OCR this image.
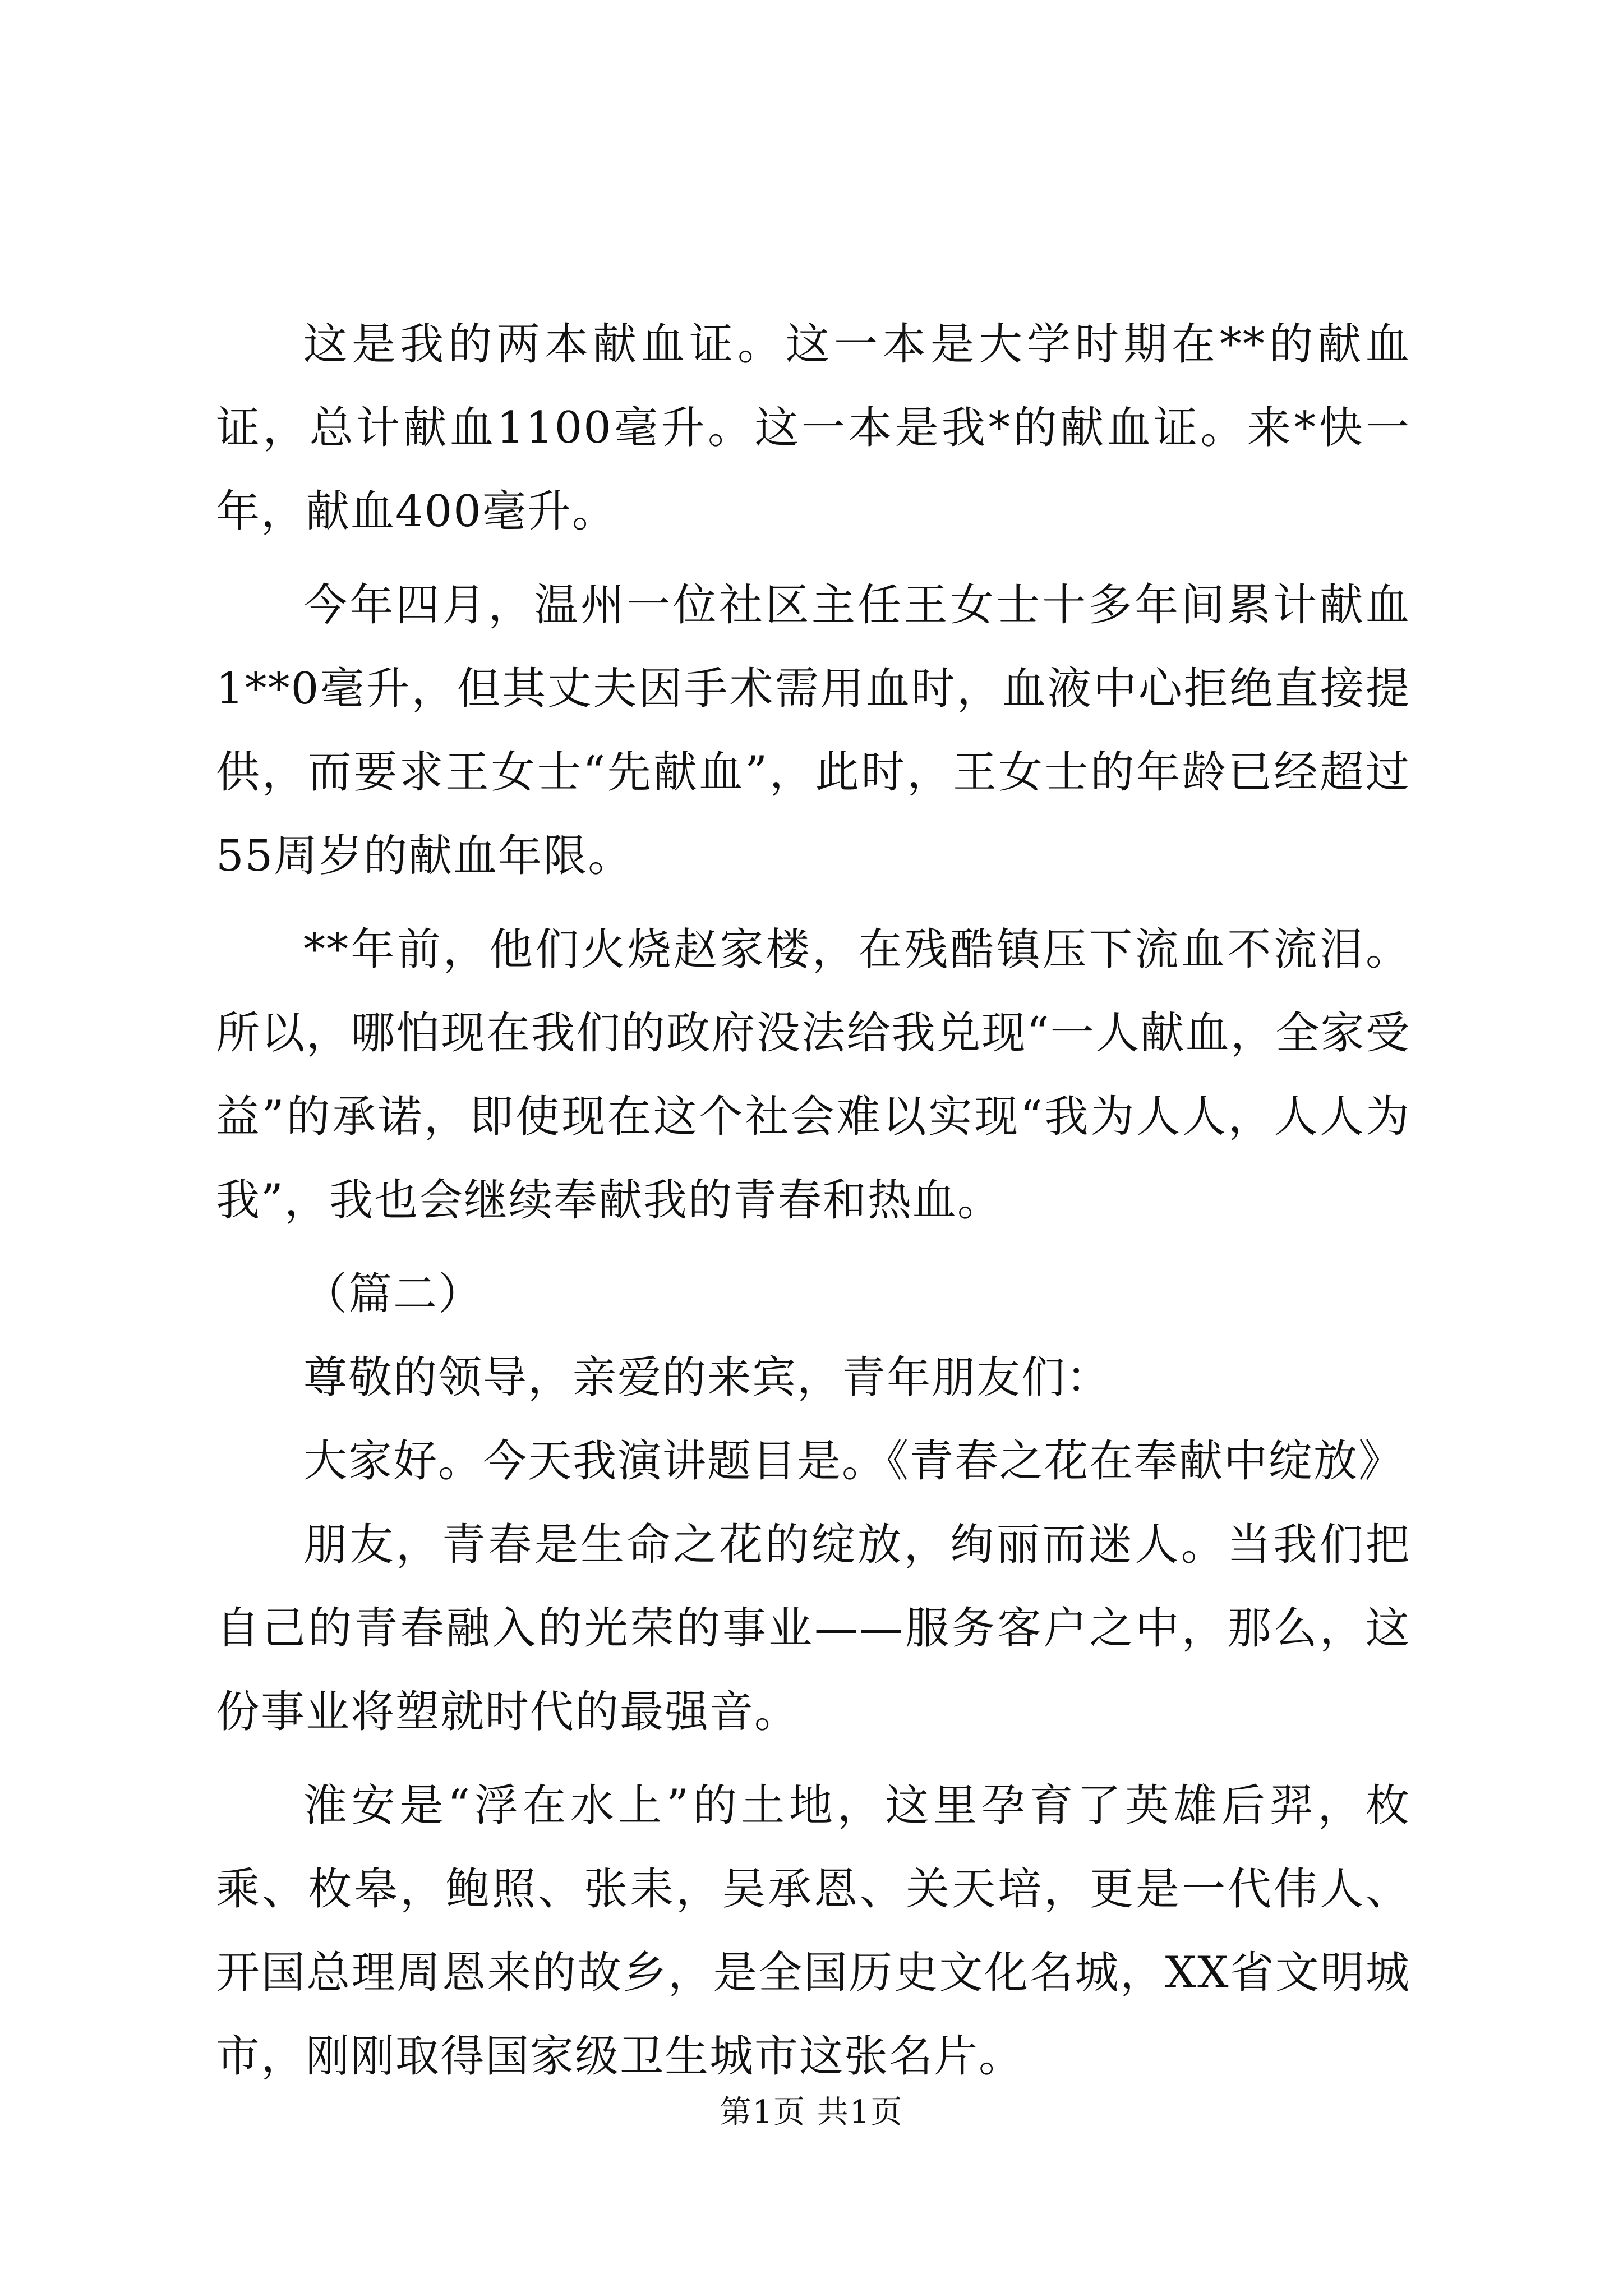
这是我的两本献血证。这一本是大学时期在**的献血证，总计献血1100毫升。这一本是我*的献血证。来*快一年，献血400毫升。

今年四月，温州一位社区主任王女士十多年间累计献血1**0毫升，但其丈夫因手术需用血时，血液中心拒绝直接提供，而要求王女士“先献血”，此时，王女士的年龄已经超过55周岁的献血年限。

**年前，他们火烧赵家楼，在残酷镇压下流血不流泪。所以，哪怕现在我们的政府没法给我兑现“一人献血，全家受益”的承诺，即使现在这个社会难以实现“我为人人，人人为我”，我也会继续奉献我的青春和热血。

（篇二）

尊敬的领导，亲爱的来宾，青年朋友们：

大家好。今天我演讲题目是。《青春之花在奉献中绽放》

朋友，青春是生命之花的绽放，绚丽而迷人。当我们把自己的青春融入的光荣的事业——服务客户之中，那么，这份事业将塑就时代的最强音。

淮安是“浮在水上”的土地，这里孕育了英雄后羿，枚乘、枚皋，鲍照、张耒，吴承恩、关天培，更是一代伟人、开国总理周恩来的故乡，是全国历史文化名城，XX省文明城市，刚刚取得国家级卫生城市这张名片。

第1页 共1页
